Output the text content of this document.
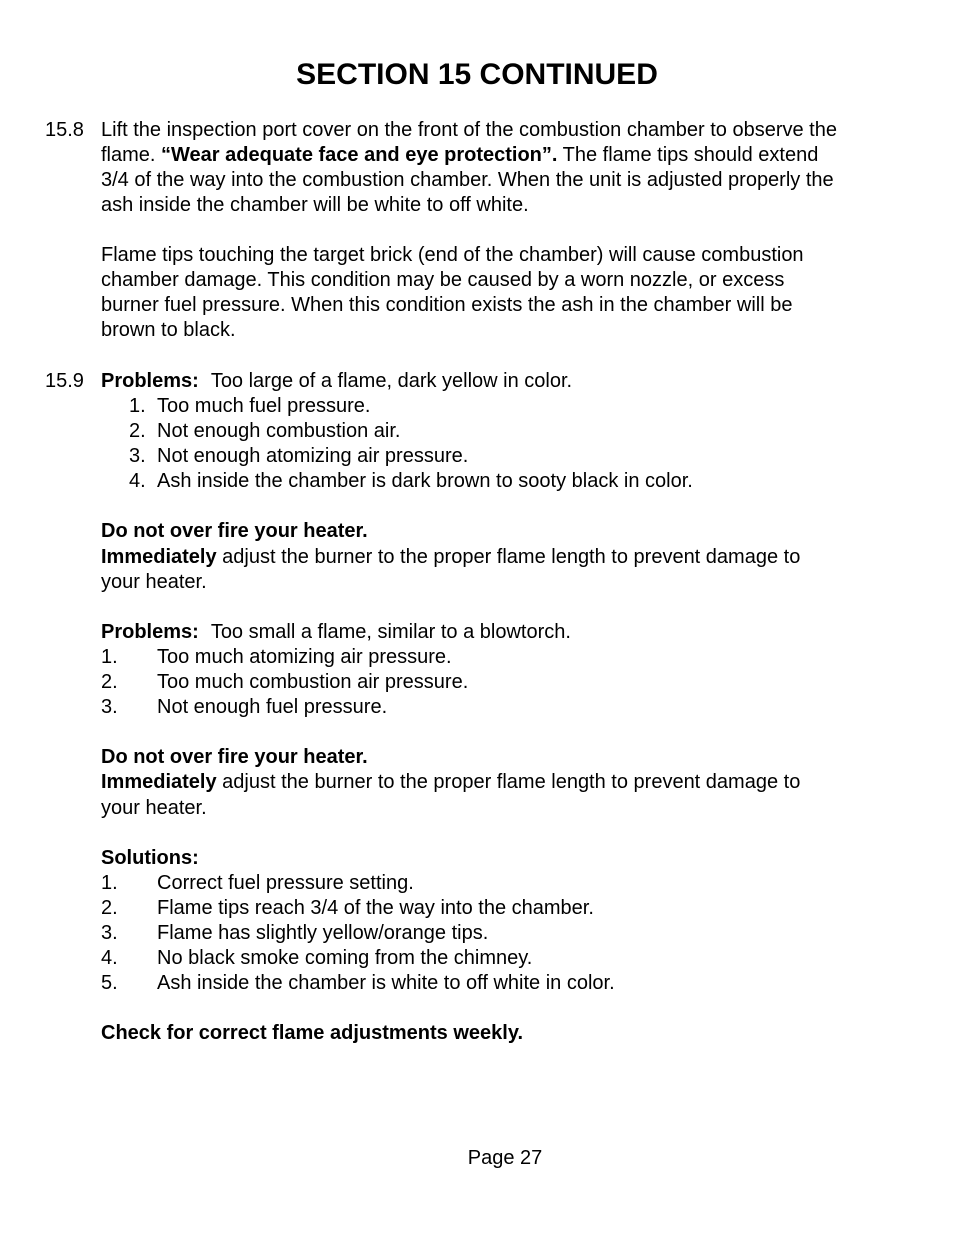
SECTION 15 CONTINUED
15.8 Lift the inspection port cover on the front of the combustion chamber to observe the
flame. “Wear adequate face and eye protection”. The flame tips should extend
3/4 of the way into the combustion chamber. When the unit is adjusted properly the
ash inside the chamber will be white to off white.
Flame tips touching the target brick (end of the chamber) will cause combustion
chamber damage. This condition may be caused by a worn nozzle, or excess
burner fuel pressure. When this condition exists the ash in the chamber will be
brown to black.
15.9 Problems: Too large of a flame, dark yellow in color.
1. Too much fuel pressure.
2. Not enough combustion air.
3. Not enough atomizing air pressure.
4. Ash inside the chamber is dark brown to sooty black in color.
Do not over fire your heater.
Immediately adjust the burner to the proper flame length to prevent damage to
your heater.
Problems: Too small a flame, similar to a blowtorch.
1. Too much atomizing air pressure.
2. Too much combustion air pressure.
3. Not enough fuel pressure.
Do not over fire your heater.
Immediately adjust the burner to the proper flame length to prevent damage to
your heater.
Solutions:
1. Correct fuel pressure setting.
2. Flame tips reach 3/4 of the way into the chamber.
3. Flame has slightly yellow/orange tips.
4. No black smoke coming from the chimney.
5. Ash inside the chamber is white to off white in color.
Check for correct flame adjustments weekly.
Page 27
